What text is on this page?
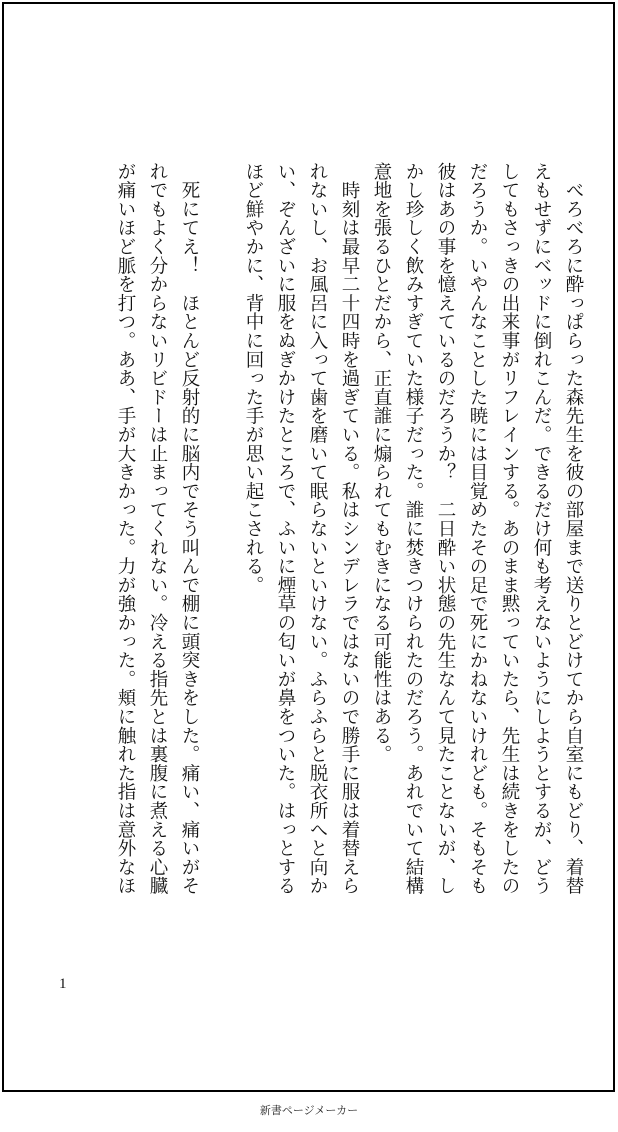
　べろべろに酔っぱらった森先生を彼の部屋まで送りとどけてから自室にもどり、着替えもせずにベッドに倒れこんだ。できるだけ何も考えないようにしようとするが、どうしてもさっきの出来事がリフレインする。あのまま黙っていたら、先生は続きをしたのだろうか。いやんなことした暁には目覚めたその足で死にかねないけれども。そもそも彼はあの事を憶えているのだろうか？　二日酔い状態の先生なんて見たことないが、しかし珍しく飲みすぎていた様子だった。誰に焚きつけられたのだろう。あれでいて結構意地を張るひとだから、正直誰に煽られてもむきになる可能性はある。

　時刻は最早二十四時を過ぎている。私はシンデレラではないので勝手に服は着替えられないし、お風呂に入って歯を磨いて眠らないといけない。ふらふらと脱衣所へと向かい、ぞんざいに服をぬぎかけたところで、ふいに煙草の匂いが鼻をついた。はっとするほど鮮やかに、背中に回った手が思い起こされる。

　死にてえ！　ほとんど反射的に脳内でそう叫んで棚に頭突きをした。痛い、痛いがそれでもよく分からないリビドーは止まってくれない。冷える指先とは裏腹に煮える心臓が痛いほど脈を打つ。ああ、手が大きかった。力が強かった。頬に触れた指は意外なほ

1
新書ページメーカー
